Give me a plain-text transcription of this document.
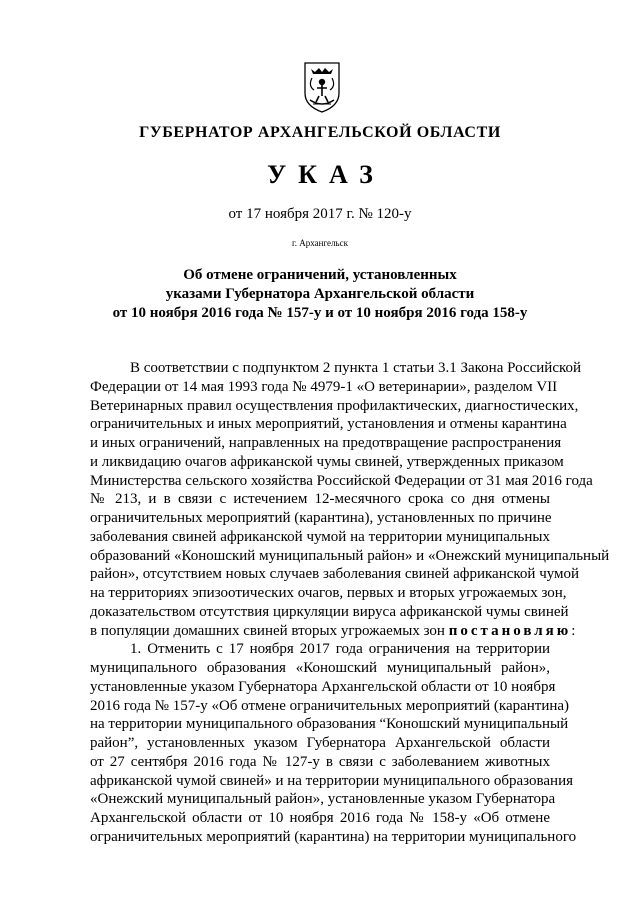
ГУБЕРНАТОР АРХАНГЕЛЬСКОЙ ОБЛАСТИ
УКАЗ
от 17 ноября 2017 г. № 120-у
г. Архангельск
Об отмене ограничений, установленных
указами Губернатора Архангельской области
от 10 ноября 2016 года № 157-у и от 10 ноября 2016 года 158-у
В соответствии с подпунктом 2 пункта 1 статьи 3.1 Закона Российской
Федерации от 14 мая 1993 года № 4979-1 «О ветеринарии», разделом VII
Ветеринарных правил осуществления профилактических, диагностических,
ограничительных и иных мероприятий, установления и отмены карантина
и иных ограничений, направленных на предотвращение распространения
и ликвидацию очагов африканской чумы свиней, утвержденных приказом
Министерства сельского хозяйства Российской Федерации от 31 мая 2016 года
№ 213, и в связи с истечением 12-месячного срока со дня отмены
ограничительных мероприятий (карантина), установленных по причине
заболевания свиней африканской чумой на территории муниципальных
образований «Коношский муниципальный район» и «Онежский муниципальный
район», отсутствием новых случаев заболевания свиней африканской чумой
на территориях эпизоотических очагов, первых и вторых угрожаемых зон,
доказательством отсутствия циркуляции вируса африканской чумы свиней
в популяции домашних свиней вторых угрожаемых зон постановляю:
1. Отменить с 17 ноября 2017 года ограничения на территории
муниципального образования «Коношский муниципальный район»,
установленные указом Губернатора Архангельской области от 10 ноября
2016 года № 157-у «Об отмене ограничительных мероприятий (карантина)
на территории муниципального образования “Коношский муниципальный
район”, установленных указом Губернатора Архангельской области
от 27 сентября 2016 года № 127-у в связи с заболеванием животных
африканской чумой свиней» и на территории муниципального образования
«Онежский муниципальный район», установленные указом Губернатора
Архангельской области от 10 ноября 2016 года № 158-у «Об отмене
ограничительных мероприятий (карантина) на территории муниципального
